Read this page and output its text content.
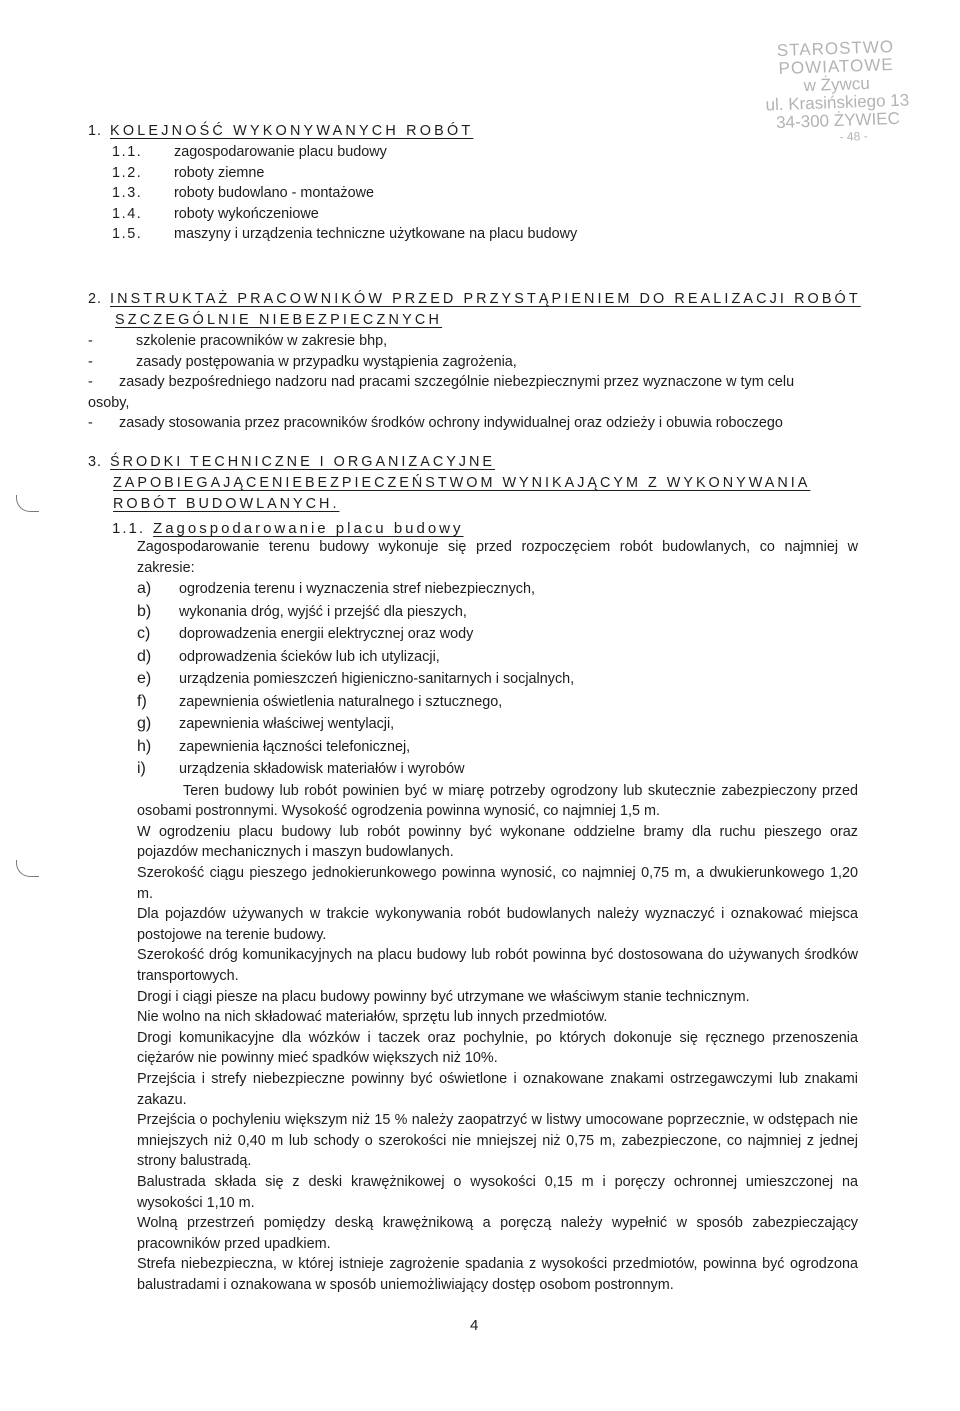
STAROSTWO POWIATOWE
w Żywcu
ul. Krasińskiego 13
34-300 ŻYWIEC
- 48 -
1. KOLEJNOŚĆ WYKONYWANYCH ROBÓT
1.1.	zagospodarowanie placu budowy
1.2.	roboty ziemne
1.3.	roboty budowlano - montażowe
1.4.	roboty wykończeniowe
1.5.	maszyny i urządzenia techniczne użytkowane na placu budowy
2. INSTRUKTAŻ PRACOWNIKÓW PRZED PRZYSTĄPIENIEM DO REALIZACJI ROBÓT
SZCZEGÓLNIE NIEBEZPIECZNYCH
-	szkolenie pracowników w zakresie bhp,
-	zasady postępowania w przypadku wystąpienia zagrożenia,
- zasady bezpośredniego nadzoru nad pracami szczególnie niebezpiecznymi przez wyznaczone w tym celu
osoby,
- zasady stosowania przez pracowników środków ochrony indywidualnej oraz odzieży i obuwia roboczego
3. ŚRODKI TECHNICZNE I ORGANIZACYJNE
ZAPOBIEGAJĄCENIEBEZPIECZEŃSTWOM WYNIKAJĄCYM Z WYKONYWANIA
ROBÓT BUDOWLANYCH.
1.1. Zagospodarowanie placu budowy

Zagospodarowanie terenu budowy wykonuje się przed rozpoczęciem robót budowlanych, co najmniej w zakresie:

a) ogrodzenia terenu i wyznaczenia stref niebezpiecznych,
b) wykonania dróg, wyjść i przejść dla pieszych,
c) doprowadzenia energii elektrycznej oraz wody
d) odprowadzenia ścieków lub ich utylizacji,
e) urządzenia pomieszczeń higieniczno-sanitarnych i socjalnych,
f) zapewnienia oświetlenia naturalnego i sztucznego,
g) zapewnienia właściwej wentylacji,
h) zapewnienia łączności telefonicznej,
i) urządzenia składowisk materiałów i wyrobów

Teren budowy lub robót powinien być w miarę potrzeby ogrodzony lub skutecznie zabezpieczony przed osobami postronnymi. Wysokość ogrodzenia powinna wynosić, co najmniej 1,5 m.

W ogrodzeniu placu budowy lub robót powinny być wykonane oddzielne bramy dla ruchu pieszego oraz pojazdów mechanicznych i maszyn budowlanych.

Szerokość ciągu pieszego jednokierunkowego powinna wynosić, co najmniej 0,75 m, a dwukierunkowego 1,20 m.

Dla pojazdów używanych w trakcie wykonywania robót budowlanych należy wyznaczyć i oznakować miejsca postojowe na terenie budowy.

Szerokość dróg komunikacyjnych na placu budowy lub robót powinna być dostosowana do używanych środków transportowych.

Drogi i ciągi piesze na placu budowy powinny być utrzymane we właściwym stanie technicznym.

Nie wolno na nich składować materiałów, sprzętu lub innych przedmiotów.

Drogi komunikacyjne dla wózków i taczek oraz pochylnie, po których dokonuje się ręcznego przenoszenia ciężarów nie powinny mieć spadków większych niż 10%.

Przejścia i strefy niebezpieczne powinny być oświetlone i oznakowane znakami ostrzegawczymi lub znakami zakazu.

Przejścia o pochyleniu większym niż 15 % należy zaopatrzyć w listwy umocowane poprzecznie, w odstępach nie mniejszych niż 0,40 m lub schody o szerokości nie mniejszej niż 0,75 m, zabezpieczone, co najmniej z jednej strony balustradą.

Balustrada składa się z deski krawężnikowej o wysokości 0,15 m i poręczy ochronnej umieszczonej na wysokości 1,10 m.

Wolną przestrzeń pomiędzy deską krawężnikową a poręczą należy wypełnić w sposób zabezpieczający pracowników przed upadkiem.

Strefa niebezpieczna, w której istnieje zagrożenie spadania z wysokości przedmiotów, powinna być ogrodzona balustradami i oznakowana w sposób uniemożliwiający dostęp osobom postronnym.

4
